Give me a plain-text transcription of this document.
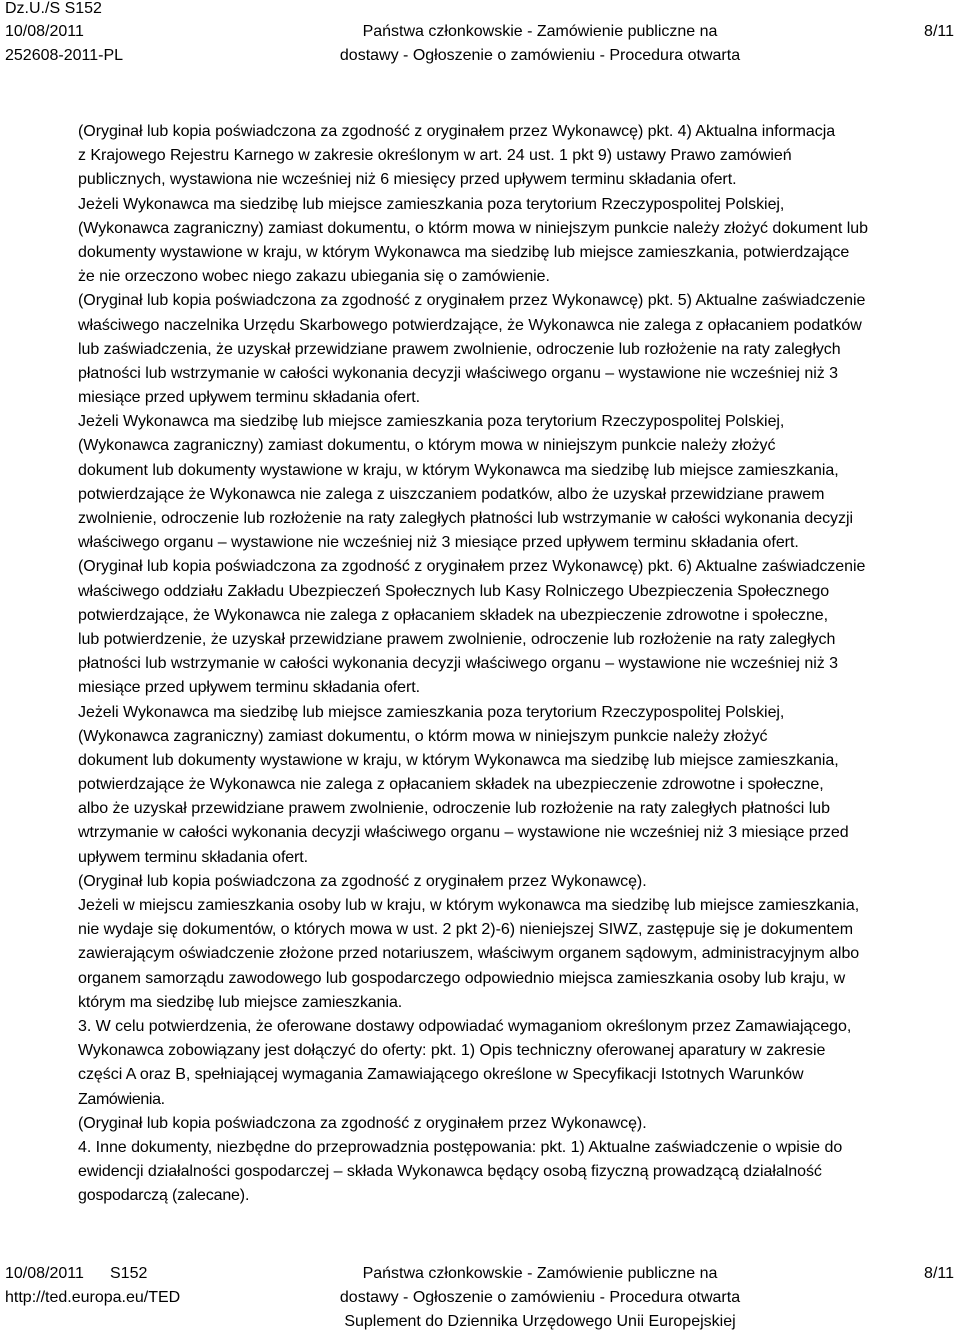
Dz.U./S S152
10/08/2011
252608-2011-PL
Państwa członkowskie - Zamówienie publiczne na
dostawy - Ogłoszenie o zamówieniu - Procedura otwarta
8/11
(Oryginał lub kopia poświadczona za zgodność z oryginałem przez Wykonawcę) pkt. 4) Aktualna informacja
z Krajowego Rejestru Karnego w zakresie określonym w art. 24 ust. 1 pkt 9) ustawy Prawo zamówień
publicznych, wystawiona nie wcześniej niż 6 miesięcy przed upływem terminu składania ofert.
Jeżeli Wykonawca ma siedzibę lub miejsce zamieszkania poza terytorium Rzeczypospolitej Polskiej,
(Wykonawca zagraniczny) zamiast dokumentu, o którm mowa w niniejszym punkcie należy złożyć dokument lub
dokumenty wystawione w kraju, w którym Wykonawca ma siedzibę lub miejsce zamieszkania, potwierdzające
że nie orzeczono wobec niego zakazu ubiegania się o zamówienie.
(Oryginał lub kopia poświadczona za zgodność z oryginałem przez Wykonawcę) pkt. 5) Aktualne zaświadczenie
właściwego naczelnika Urzędu Skarbowego potwierdzające, że Wykonawca nie zalega z opłacaniem podatków
lub zaświadczenia, że uzyskał przewidziane prawem zwolnienie, odroczenie lub rozłożenie na raty zaległych
płatności lub wstrzymanie w całości wykonania decyzji właściwego organu – wystawione nie wcześniej niż 3
miesiące przed upływem terminu składania ofert.
Jeżeli Wykonawca ma siedzibę lub miejsce zamieszkania poza terytorium Rzeczypospolitej Polskiej,
(Wykonawca zagraniczny) zamiast dokumentu, o którym mowa w niniejszym punkcie należy złożyć
dokument lub dokumenty wystawione w kraju, w którym Wykonawca ma siedzibę lub miejsce zamieszkania,
potwierdzające że Wykonawca nie zalega z uiszczaniem podatków, albo że uzyskał przewidziane prawem
zwolnienie, odroczenie lub rozłożenie na raty zaległych płatności lub wstrzymanie w całości wykonania decyzji
właściwego organu – wystawione nie wcześniej niż 3 miesiące przed upływem terminu składania ofert.
(Oryginał lub kopia poświadczona za zgodność z oryginałem przez Wykonawcę) pkt. 6) Aktualne zaświadczenie
właściwego oddziału Zakładu Ubezpieczeń Społecznych lub Kasy Rolniczego Ubezpieczenia Społecznego
potwierdzające, że Wykonawca nie zalega z opłacaniem składek na ubezpieczenie zdrowotne i społeczne,
lub potwierdzenie, że uzyskał przewidziane prawem zwolnienie, odroczenie lub rozłożenie na raty zaległych
płatności lub wstrzymanie w całości wykonania decyzji właściwego organu – wystawione nie wcześniej niż 3
miesiące przed upływem terminu składania ofert.
Jeżeli Wykonawca ma siedzibę lub miejsce zamieszkania poza terytorium Rzeczypospolitej Polskiej,
(Wykonawca zagraniczny) zamiast dokumentu, o którm mowa w niniejszym punkcie należy złożyć
dokument lub dokumenty wystawione w kraju, w którym Wykonawca ma siedzibę lub miejsce zamieszkania,
potwierdzające że Wykonawca nie zalega z opłacaniem składek na ubezpieczenie zdrowotne i społeczne,
albo że uzyskał przewidziane prawem zwolnienie, odroczenie lub rozłożenie na raty zaległych płatności lub
wtrzymanie w całości wykonania decyzji właściwego organu – wystawione nie wcześniej niż 3 miesiące przed
upływem terminu składania ofert.
(Oryginał lub kopia poświadczona za zgodność z oryginałem przez Wykonawcę).
Jeżeli w miejscu zamieszkania osoby lub w kraju, w którym wykonawca ma siedzibę lub miejsce zamieszkania,
nie wydaje się dokumentów, o których mowa w ust. 2 pkt 2)-6) nieniejszej SIWZ, zastępuje się je dokumentem
zawierającym oświadczenie złożone przed notariuszem, właściwym organem sądowym, administracyjnym albo
organem samorządu zawodowego lub gospodarczego odpowiednio miejsca zamieszkania osoby lub kraju, w
którym ma siedzibę lub miejsce zamieszkania.
3. W celu potwierdzenia, że oferowane dostawy odpowiadać wymaganiom określonym przez Zamawiającego,
Wykonawca zobowiązany jest dołączyć do oferty: pkt. 1) Opis techniczny oferowanej aparatury w zakresie
części A oraz B, spełniającej wymagania Zamawiającego określone w Specyfikacji Istotnych Warunków
Zamówienia.
(Oryginał lub kopia poświadczona za zgodność z oryginałem przez Wykonawcę).
4. Inne dokumenty, niezbędne do przeprowadznia postępowania: pkt. 1) Aktualne zaświadczenie o wpisie do
ewidencji działalności gospodarczej – składa Wykonawca będący osobą fizyczną prowadzącą działalność
gospodarczą (zalecane).
10/08/2011 S152
http://ted.europa.eu/TED
Państwa członkowskie - Zamówienie publiczne na
dostawy - Ogłoszenie o zamówieniu - Procedura otwarta
Suplement do Dziennika Urzędowego Unii Europejskiej
8/11
